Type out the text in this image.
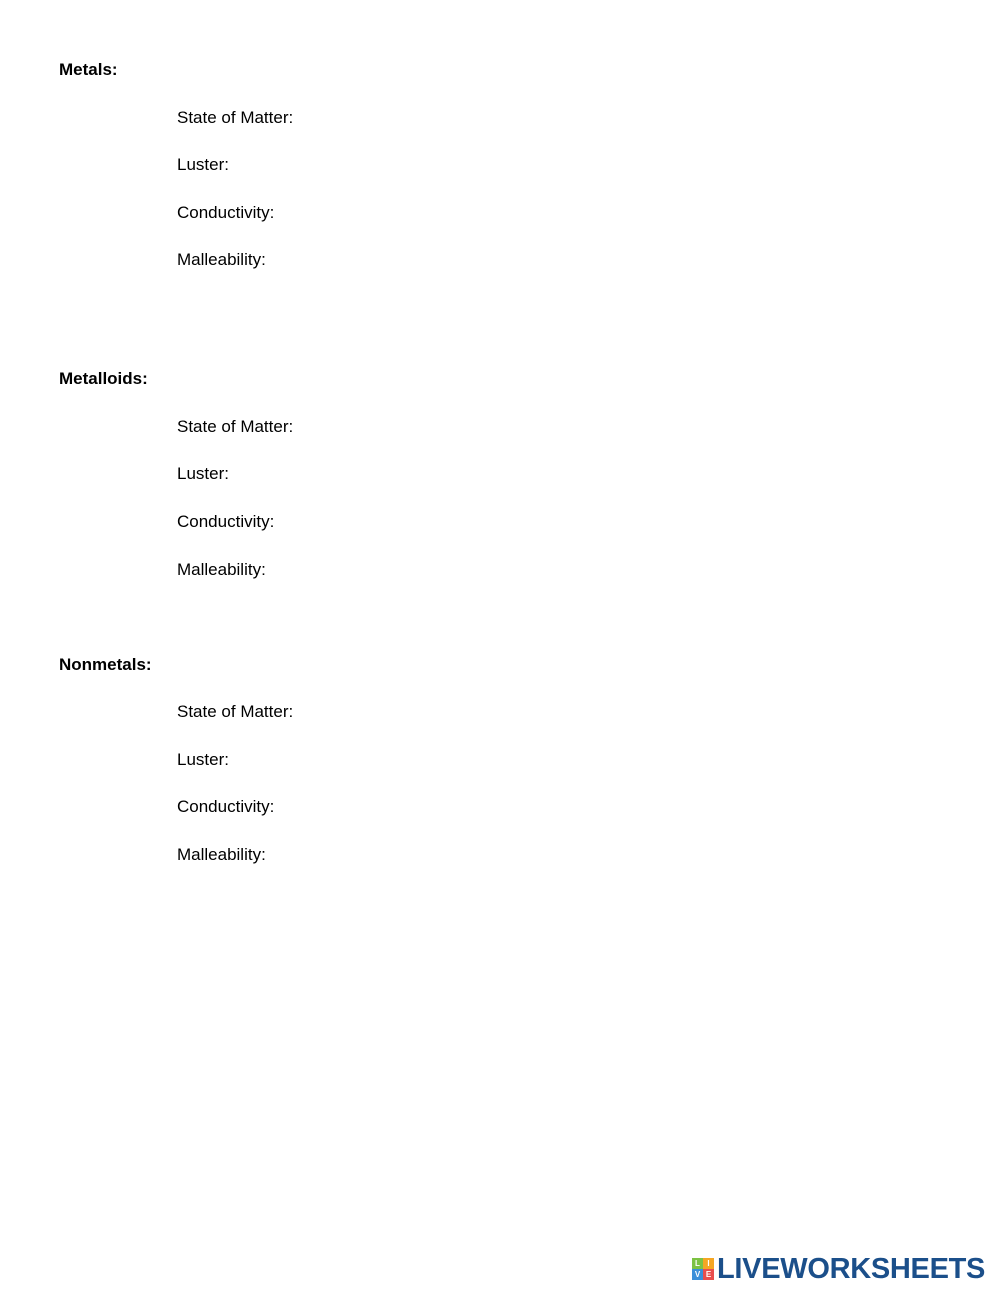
Metals:

State of Matter:

Luster:

Conductivity:

Malleability:

Metalloids:

State of Matter:

Luster:

Conductivity:

Malleability:

Nonmetals:

State of Matter:

Luster:

Conductivity:

Malleability:

L I
V E LIVEWORKSHEETS
